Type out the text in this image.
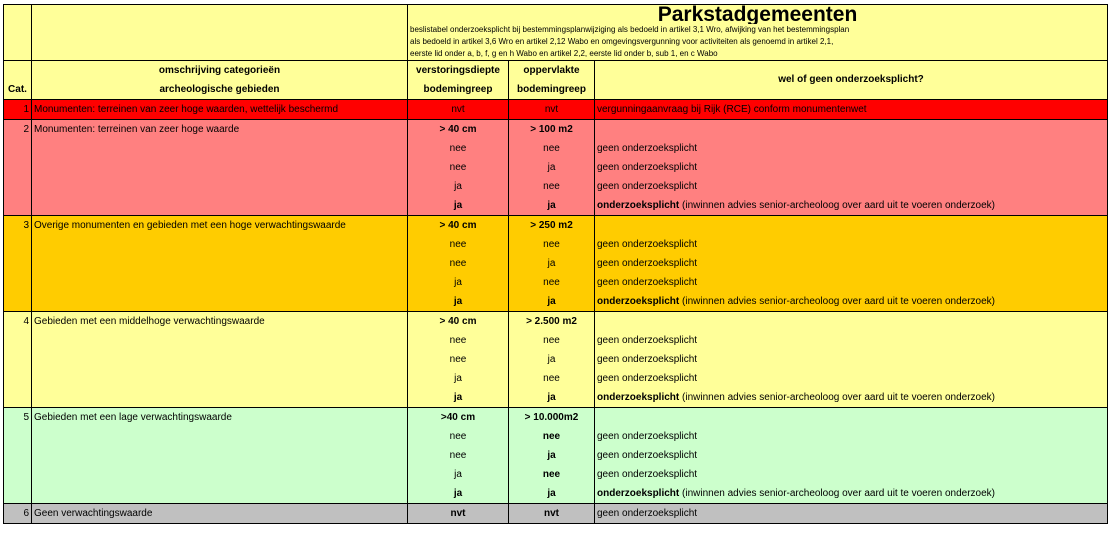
		Parkstadgemeenten		

		beslistabel onderzoeksplicht bij bestemmingsplanwijziging als bedoeld in artikel 3,1 Wro, afwijking van het bestemmingsplan
als bedoeld in artikel 3,6 Wro en artikel 2,12 Wabo en omgevingsvergunning voor activiteiten als genoemd in artikel 2,1,
eerste lid onder a, b, f, g en h Wabo en artikel 2,2, eerste lid onder b, sub 1, en c Wabo		

	omschrijving categorieën	verstoringsdiepte	oppervlakte	wel of geen onderzoeksplicht?
Cat.	archeologische gebieden	bodemingreep	bodemingreep	
1	Monumenten: terreinen van zeer hoge waarden, wettelijk beschermd	nvt	nvt	vergunningaanvraag bij Rijk (RCE) conform monumentenwet
2	Monumenten: terreinen van zeer hoge waarde	> 40 cm	> 100 m2	
		nee	nee	geen onderzoeksplicht
		nee	ja	geen onderzoeksplicht
		ja	nee	geen onderzoeksplicht
		ja	ja	onderzoeksplicht (inwinnen advies senior-archeoloog over aard uit te voeren onderzoek)
3	Overige monumenten en gebieden met een hoge verwachtingswaarde	> 40 cm	> 250 m2	
		nee	nee	geen onderzoeksplicht
		nee	ja	geen onderzoeksplicht
		ja	nee	geen onderzoeksplicht
		ja	ja	onderzoeksplicht (inwinnen advies senior-archeoloog over aard uit te voeren onderzoek)
4	Gebieden met een middelhoge verwachtingswaarde	> 40 cm	> 2.500 m2	
		nee	nee	geen onderzoeksplicht
		nee	ja	geen onderzoeksplicht
		ja	nee	geen onderzoeksplicht
		ja	ja	onderzoeksplicht (inwinnen advies senior-archeoloog over aard uit te voeren onderzoek)
5	Gebieden met een lage verwachtingswaarde	>40 cm	> 10.000m2	
		nee	nee	geen onderzoeksplicht
		nee	ja	geen onderzoeksplicht
		ja	nee	geen onderzoeksplicht
		ja	ja	onderzoeksplicht (inwinnen advies senior-archeoloog over aard uit te voeren onderzoek)
6	Geen verwachtingswaarde	nvt	nvt	geen onderzoeksplicht
